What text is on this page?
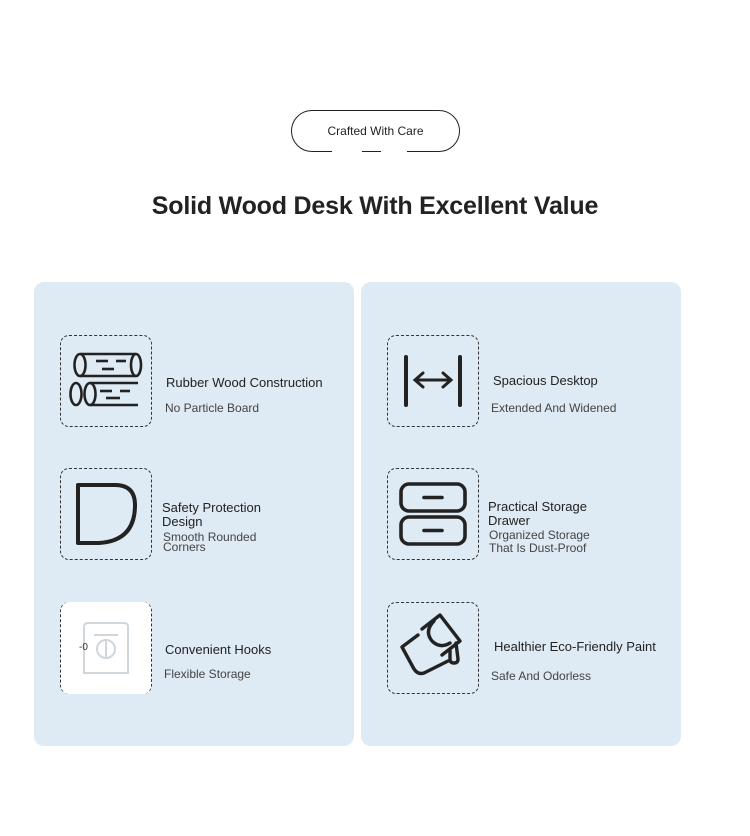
Crafted With Care
Solid Wood Desk With Excellent Value
Rubber Wood Construction
No Particle Board
Safety Protection
Design
Smooth Rounded
Corners
-0	Convenient Hooks
Flexible Storage
Spacious Desktop
Extended And Widened
Practical Storage
Drawer
Organized Storage
That Is Dust-Proof
Healthier Eco-Friendly Paint
Safe And Odorless
